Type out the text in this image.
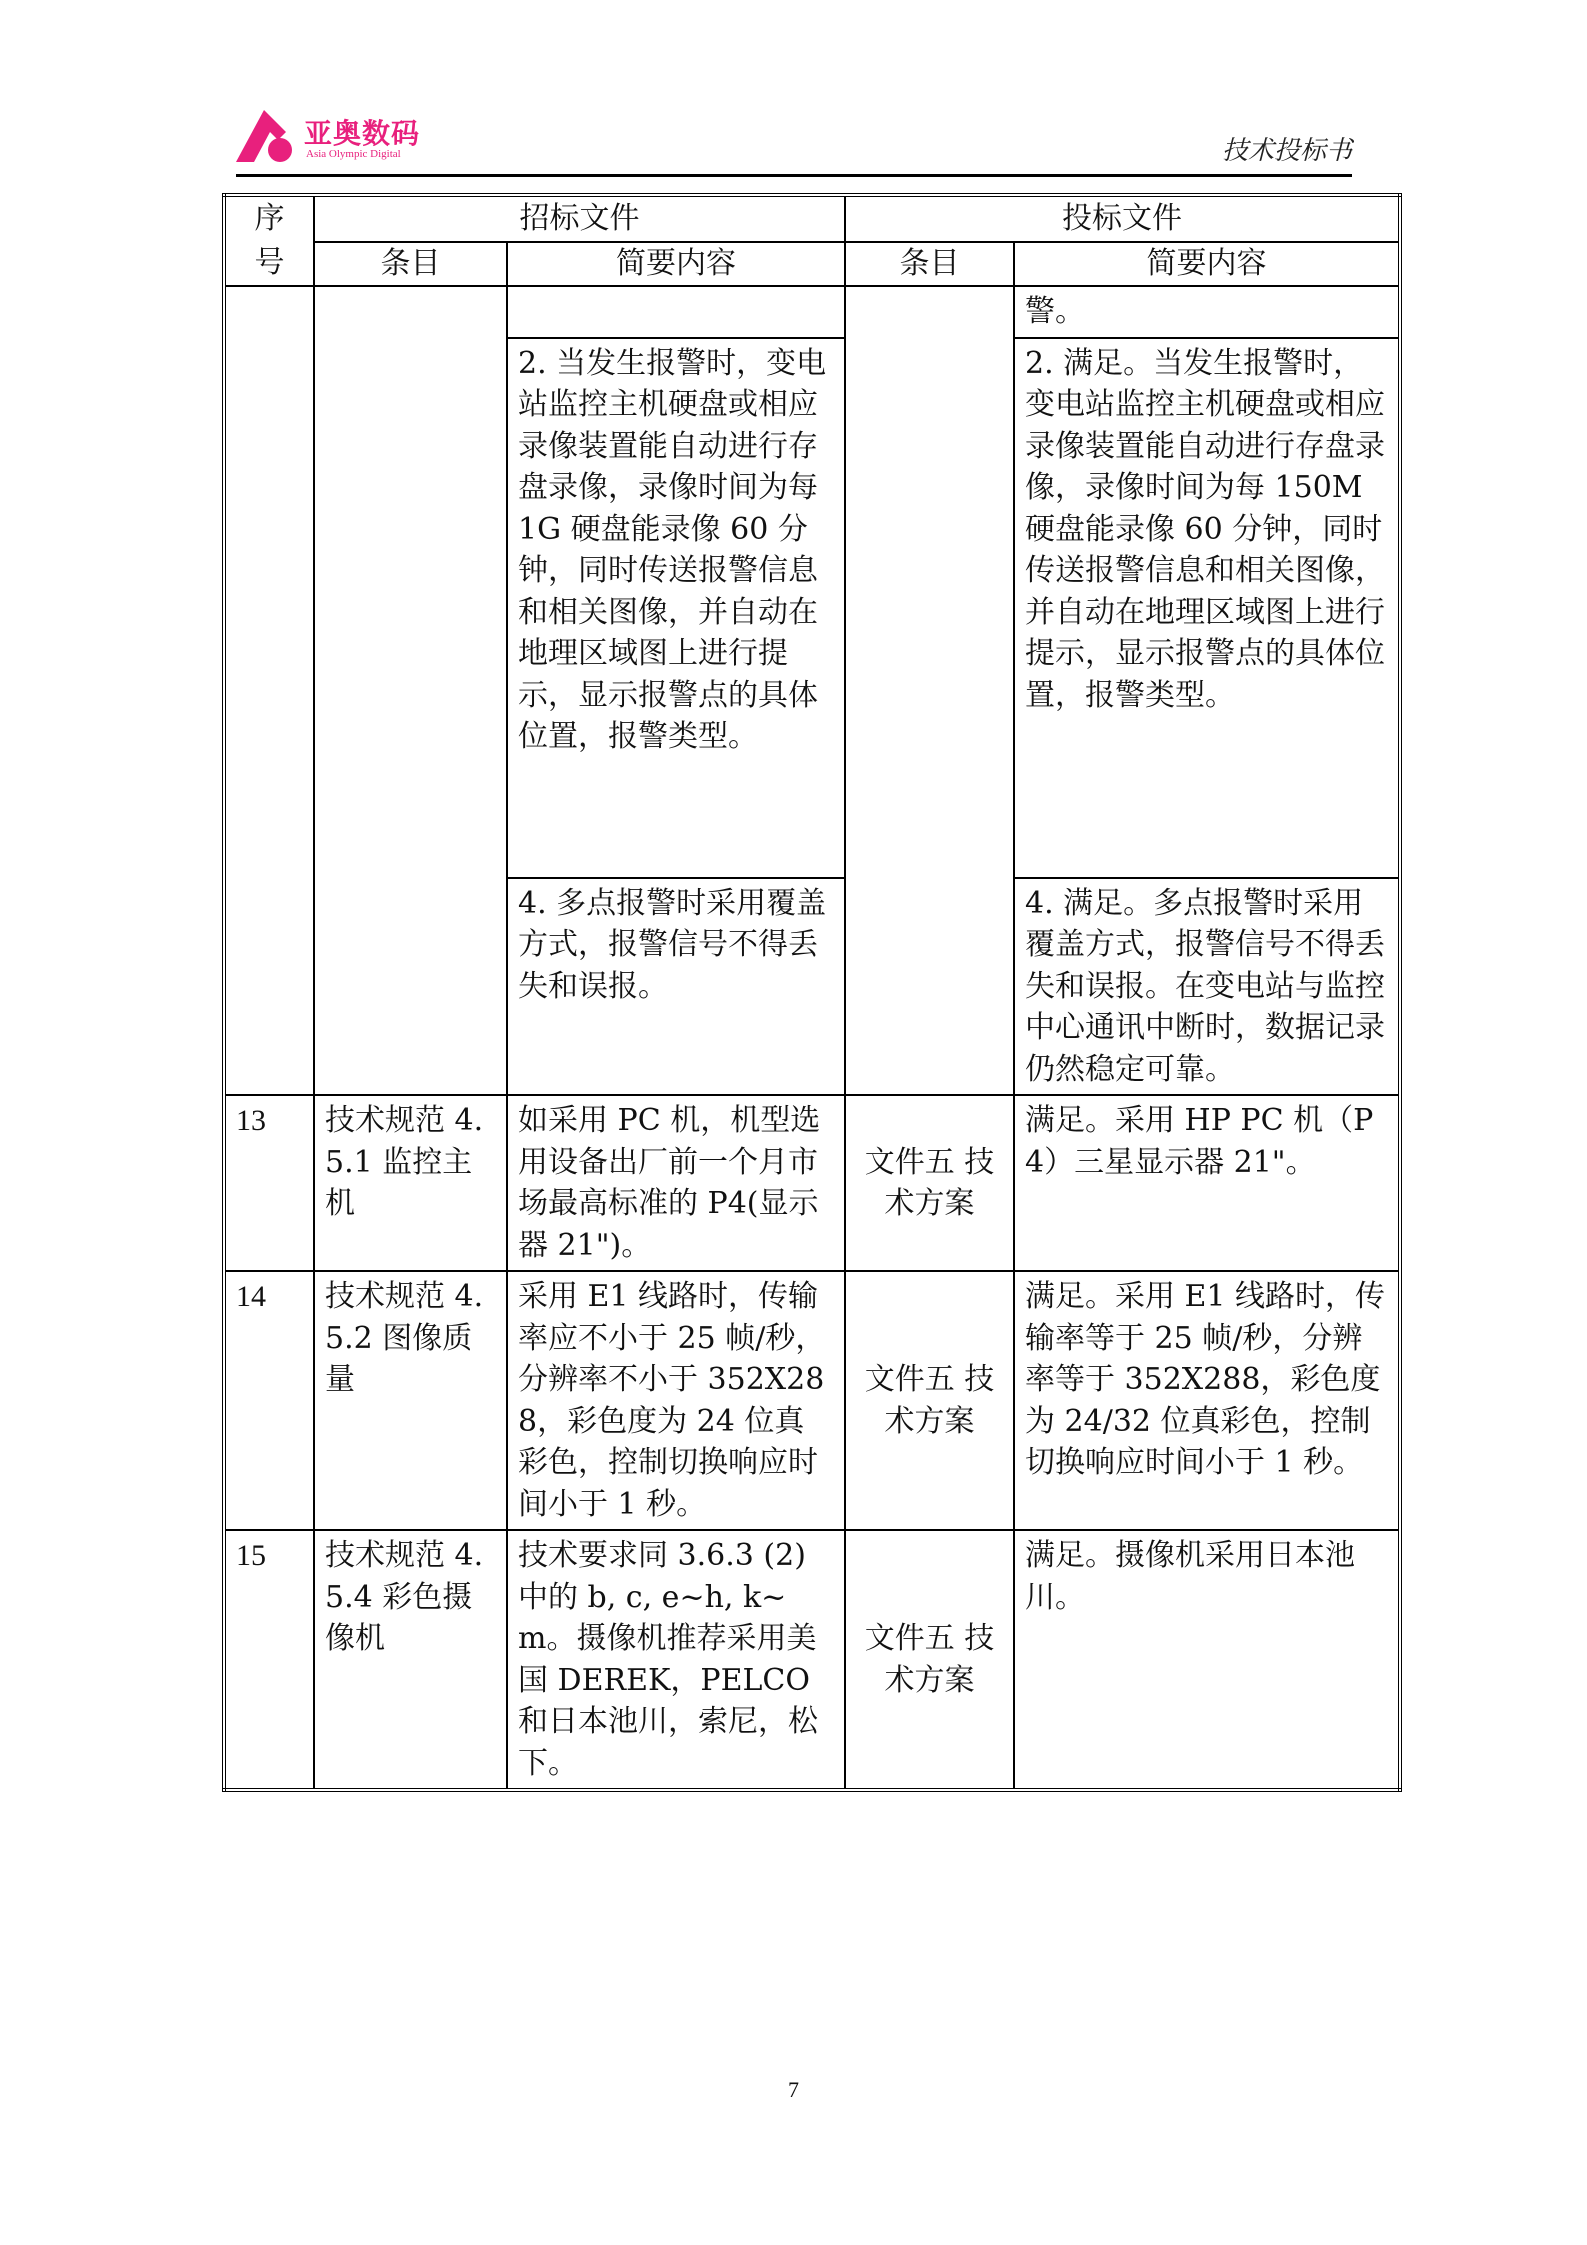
亚奥数码
Asia Olympic Digital	技术投标书
序号	招标文件		投标文件	
	条目	简要内容	条目	简要内容
				警。
		2. 当发生报警时，变电站监控主机硬盘或相应录像装置能自动进行存盘录像，录像时间为每 1G 硬盘能录像 60 分钟，同时传送报警信息和相关图像，并自动在地理区域图上进行提示，显示报警点的具体位置，报警类型。		2. 满足。当发生报警时，变电站监控主机硬盘或相应录像装置能自动进行存盘录像，录像时间为每 150M 硬盘能录像 60 分钟，同时传送报警信息和相关图像，并自动在地理区域图上进行提示，显示报警点的具体位置，报警类型。
		4. 多点报警时采用覆盖方式，报警信号不得丢失和误报。		4. 满足。多点报警时采用覆盖方式，报警信号不得丢失和误报。在变电站与监控中心通讯中断时，数据记录仍然稳定可靠。
13	技术规范 4.5.1 监控主机	如采用 PC 机，机型选用设备出厂前一个月市场最高标准的 P4(显示器 21")。	文件五 技术方案	满足。采用 HP PC 机（P4）三星显示器 21"。
14	技术规范 4.5.2 图像质量	采用 E1 线路时，传输率应不小于 25 帧/秒，分辨率不小于 352X288，彩色度为 24 位真彩色，控制切换响应时间小于 1 秒。	文件五 技术方案	满足。采用 E1 线路时，传输率等于 25 帧/秒，分辨率等于 352X288，彩色度为 24/32 位真彩色，控制切换响应时间小于 1 秒。
15	技术规范 4.5.4 彩色摄像机	技术要求同 3.6.3 (2)中的 b, c, e~h, k~m。摄像机推荐采用美国 DEREK，PELCO 和日本池川，索尼，松下。	文件五 技术方案	满足。摄像机采用日本池川。
7
